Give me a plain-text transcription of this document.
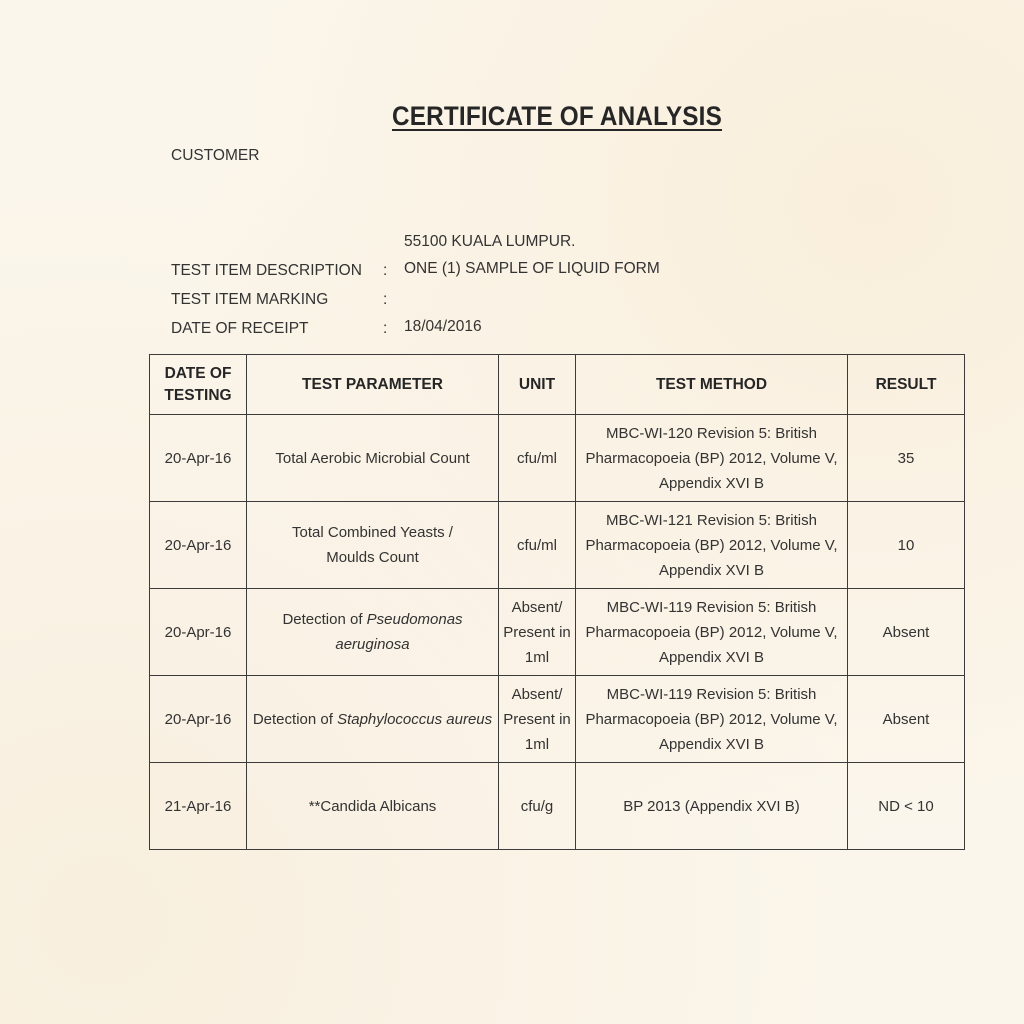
CERTIFICATE OF ANALYSIS
CUSTOMER
55100 KUALA LUMPUR.
TEST ITEM DESCRIPTION : ONE (1) SAMPLE OF LIQUID FORM
TEST ITEM MARKING	:
DATE OF RECEIPT	: 18/04/2016
DATE OF
TESTING	TEST PARAMETER	UNIT	TEST METHOD	RESULT
20-Apr-16	Total Aerobic Microbial Count	cfu/ml	MBC-WI-120 Revision 5: British
Pharmacopoeia (BP) 2012, Volume V,
Appendix XVI B	35
20-Apr-16	Total Combined Yeasts /
Moulds Count	cfu/ml	MBC-WI-121 Revision 5: British
Pharmacopoeia (BP) 2012, Volume V,
Appendix XVI B	10
20-Apr-16	Detection of Pseudomonas
aeruginosa	Absent/
Present in
1ml	MBC-WI-119 Revision 5: British
Pharmacopoeia (BP) 2012, Volume V,
Appendix XVI B	Absent
20-Apr-16	Detection of Staphylococcus aureus	Absent/
Present in
1ml	MBC-WI-119 Revision 5: British
Pharmacopoeia (BP) 2012, Volume V,
Appendix XVI B	Absent
21-Apr-16	**Candida Albicans	cfu/g	BP 2013 (Appendix XVI B)	ND < 10
